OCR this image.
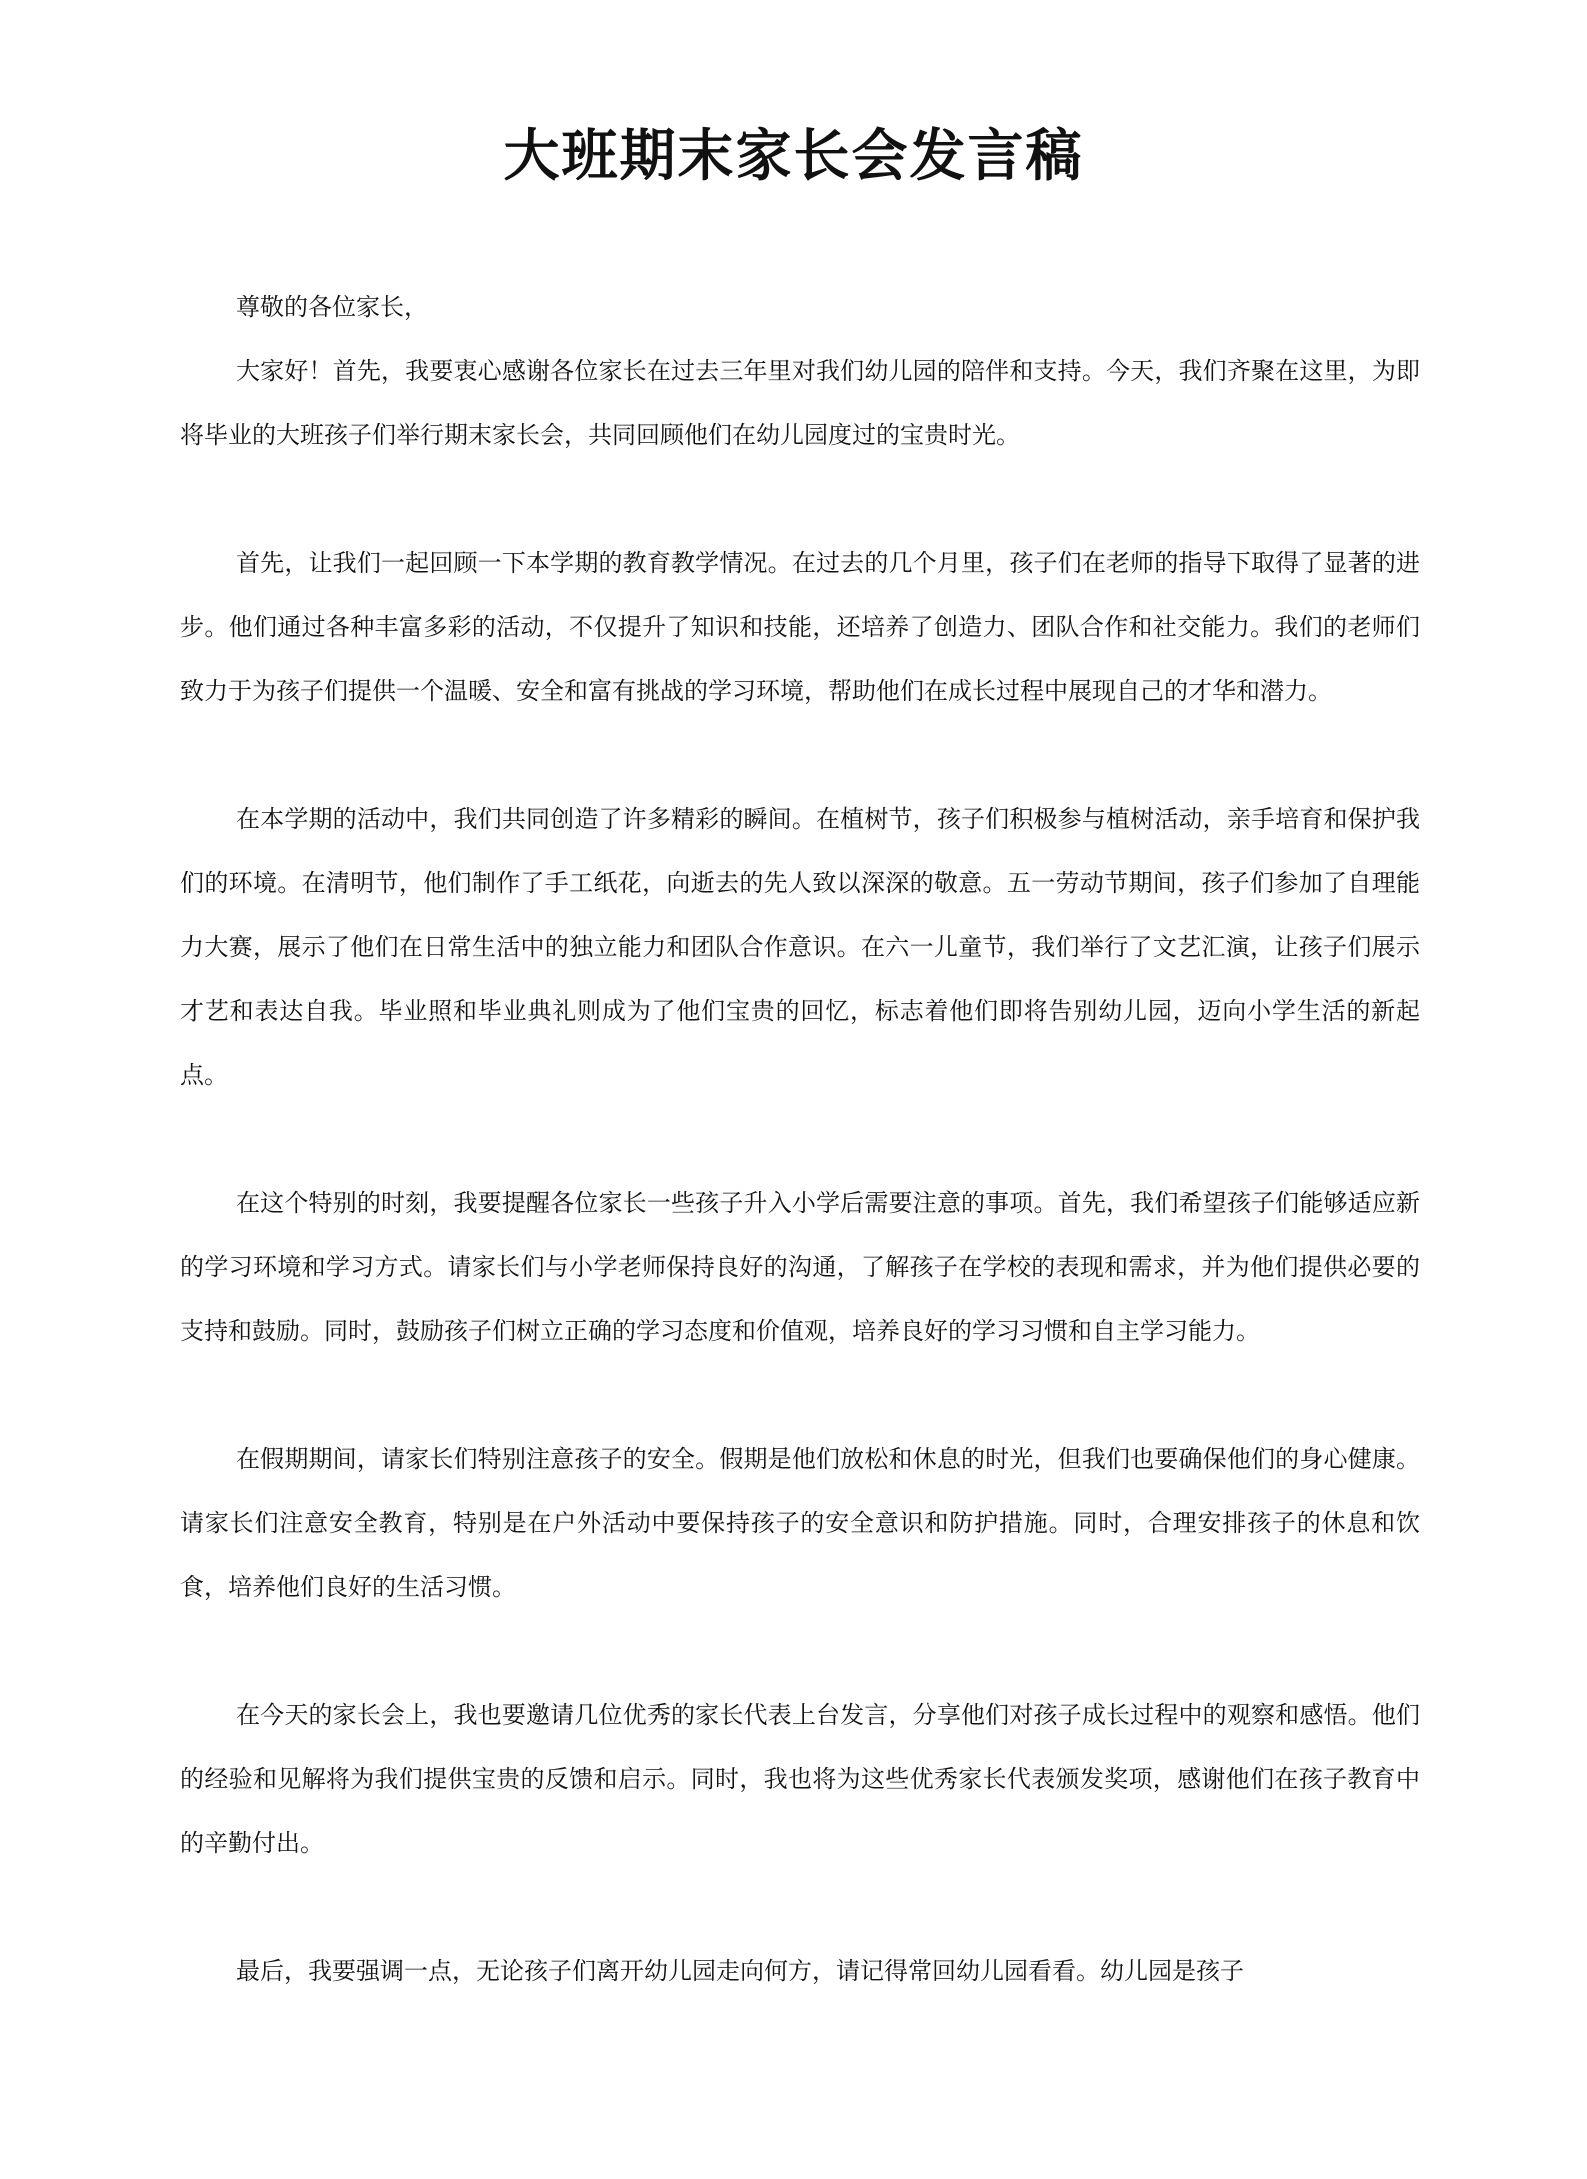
大班期末家长会发言稿

尊敬的各位家长，

大家好！首先，我要衷心感谢各位家长在过去三年里对我们幼儿园的陪伴和支持。今天，我们齐聚在这里，为即将毕业的大班孩子们举行期末家长会，共同回顾他们在幼儿园度过的宝贵时光。

首先，让我们一起回顾一下本学期的教育教学情况。在过去的几个月里，孩子们在老师的指导下取得了显著的进步。他们通过各种丰富多彩的活动，不仅提升了知识和技能，还培养了创造力、团队合作和社交能力。我们的老师们致力于为孩子们提供一个温暖、安全和富有挑战的学习环境，帮助他们在成长过程中展现自己的才华和潜力。

在本学期的活动中，我们共同创造了许多精彩的瞬间。在植树节，孩子们积极参与植树活动，亲手培育和保护我们的环境。在清明节，他们制作了手工纸花，向逝去的先人致以深深的敬意。五一劳动节期间，孩子们参加了自理能力大赛，展示了他们在日常生活中的独立能力和团队合作意识。在六一儿童节，我们举行了文艺汇演，让孩子们展示才艺和表达自我。毕业照和毕业典礼则成为了他们宝贵的回忆，标志着他们即将告别幼儿园，迈向小学生活的新起点。

在这个特别的时刻，我要提醒各位家长一些孩子升入小学后需要注意的事项。首先，我们希望孩子们能够适应新的学习环境和学习方式。请家长们与小学老师保持良好的沟通，了解孩子在学校的表现和需求，并为他们提供必要的支持和鼓励。同时，鼓励孩子们树立正确的学习态度和价值观，培养良好的学习习惯和自主学习能力。

在假期期间，请家长们特别注意孩子的安全。假期是他们放松和休息的时光，但我们也要确保他们的身心健康。请家长们注意安全教育，特别是在户外活动中要保持孩子的安全意识和防护措施。同时，合理安排孩子的休息和饮食，培养他们良好的生活习惯。

在今天的家长会上，我也要邀请几位优秀的家长代表上台发言，分享他们对孩子成长过程中的观察和感悟。他们的经验和见解将为我们提供宝贵的反馈和启示。同时，我也将为这些优秀家长代表颁发奖项，感谢他们在孩子教育中的辛勤付出。

最后，我要强调一点，无论孩子们离开幼儿园走向何方，请记得常回幼儿园看看。幼儿园是孩子
